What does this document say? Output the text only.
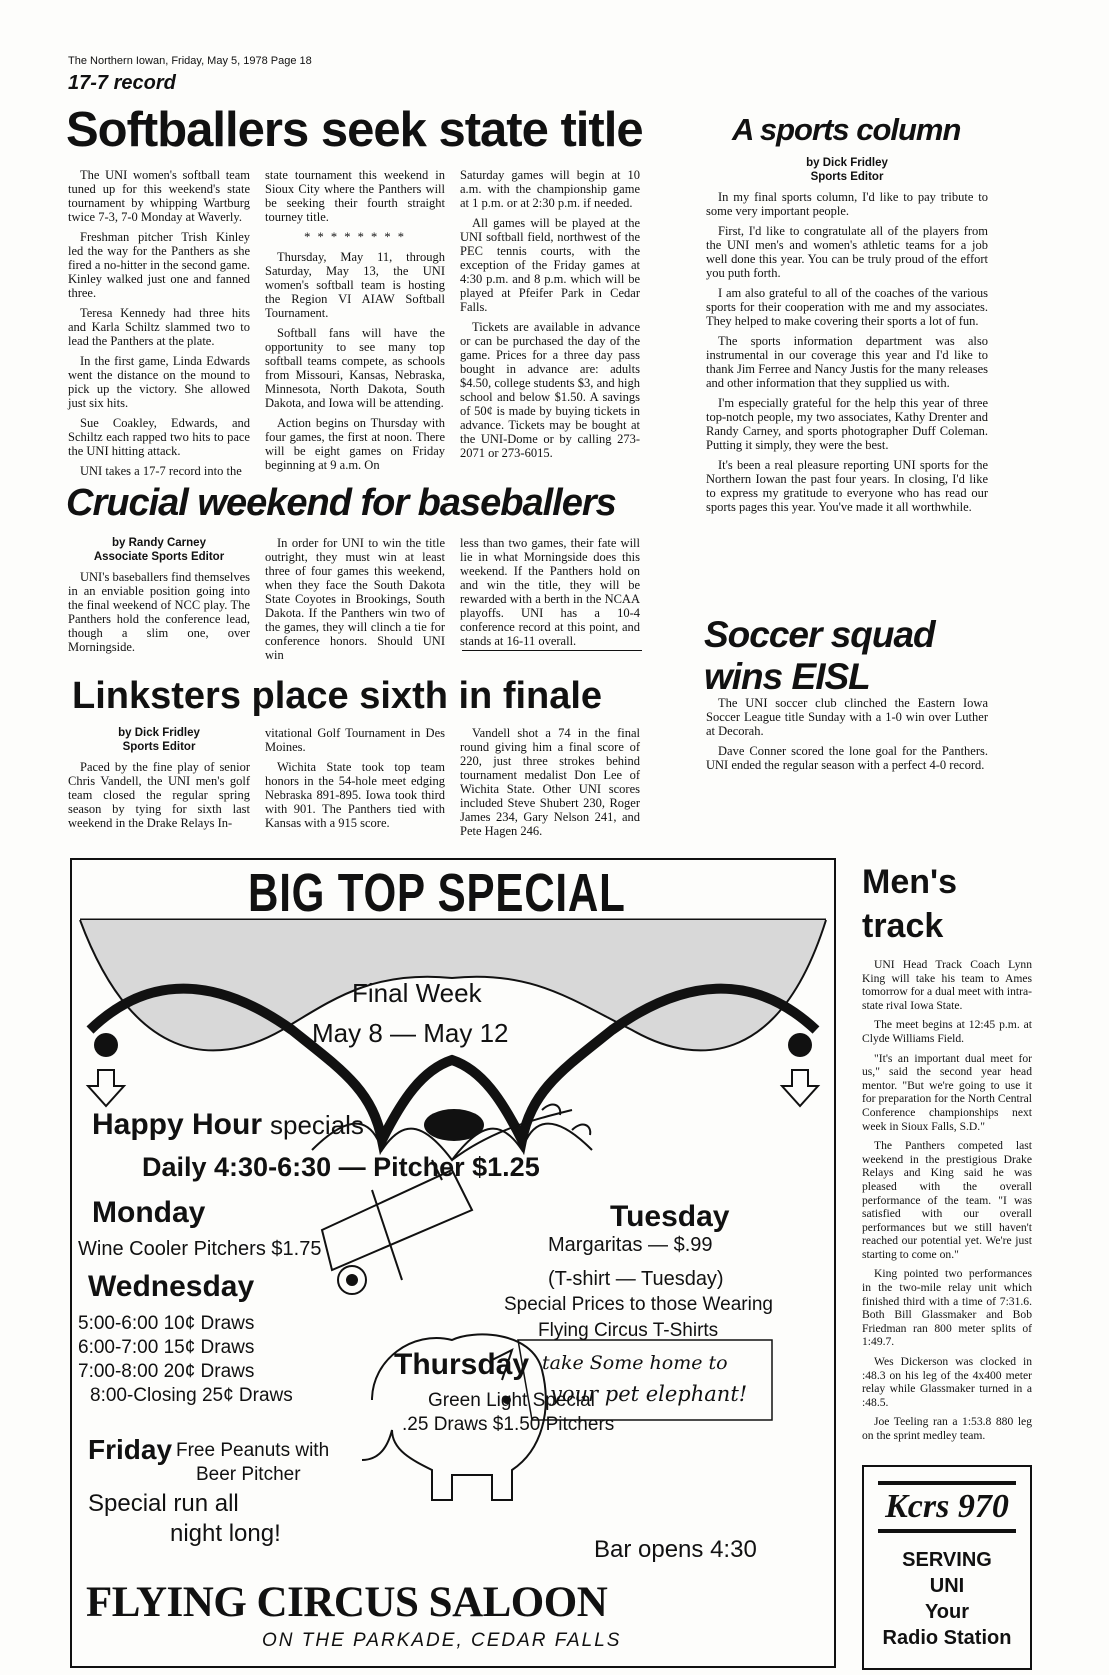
The Northern Iowan, Friday, May 5, 1978 Page 18
17-7 record
Softballers seek state title

The UNI women's softball team tuned up for this weekend's state tournament by whipping Wartburg twice 7-3, 7-0 Monday at Waverly.

Freshman pitcher Trish Kinley led the way for the Panthers as she fired a no-hitter in the second game. Kinley walked just one and fanned three.

Teresa Kennedy had three hits and Karla Schiltz slammed two to lead the Panthers at the plate.

In the first game, Linda Edwards went the distance on the mound to pick up the victory. She allowed just six hits.

Sue Coakley, Edwards, and Schiltz each rapped two hits to pace the UNI hitting attack.

UNI takes a 17-7 record into the

state tournament this weekend in Sioux City where the Panthers will be seeking their fourth straight tourney title.

* * * * * * * *

Thursday, May 11, through Saturday, May 13, the UNI women's softball team is hosting the Region VI AIAW Softball Tournament.

Softball fans will have the opportunity to see many top softball teams compete, as schools from Missouri, Kansas, Nebraska, Minnesota, North Dakota, South Dakota, and Iowa will be attending.

Action begins on Thursday with four games, the first at noon. There will be eight games on Friday beginning at 9 a.m. On

Saturday games will begin at 10 a.m. with the championship game at 1 p.m. or at 2:30 p.m. if needed.

All games will be played at the UNI softball field, northwest of the PEC tennis courts, with the exception of the Friday games at 4:30 p.m. and 8 p.m. which will be played at Pfeifer Park in Cedar Falls.

Tickets are available in advance or can be purchased the day of the game. Prices for a three day pass bought in advance are: adults $4.50, college students $3, and high school and below $1.50. A savings of 50¢ is made by buying tickets in advance. Tickets may be bought at the UNI-Dome or by calling 273-2071 or 273-6015.

Crucial weekend for baseballers
by Randy Carney
Associate Sports Editor

UNI's baseballers find themselves in an enviable position going into the final weekend of NCC play. The Panthers hold the conference lead, though a slim one, over Morningside.

In order for UNI to win the title outright, they must win at least three of four games this weekend, when they face the South Dakota State Coyotes in Brookings, South Dakota. If the Panthers win two of the games, they will clinch a tie for conference honors. Should UNI win

less than two games, their fate will lie in what Morningside does this weekend. If the Panthers hold on and win the title, they will be rewarded with a berth in the NCAA playoffs. UNI has a 10-4 conference record at this point, and stands at 16-11 overall.

Linksters place sixth in finale
by Dick Fridley
Sports Editor

Paced by the fine play of senior Chris Vandell, the UNI men's golf team closed the regular spring season by tying for sixth last weekend in the Drake Relays In-

vitational Golf Tournament in Des Moines.

Wichita State took top team honors in the 54-hole meet edging Nebraska 891-895. Iowa took third with 901. The Panthers tied with Kansas with a 915 score.

Vandell shot a 74 in the final round giving him a final score of 220, just three strokes behind tournament medalist Don Lee of Wichita State. Other UNI scores included Steve Shubert 230, Roger James 234, Gary Nelson 241, and Pete Hagen 246.

A sports column
by Dick Fridley
Sports Editor

In my final sports column, I'd like to pay tribute to some very important people.

First, I'd like to congratulate all of the players from the UNI men's and women's athletic teams for a job well done this year. You can be truly proud of the effort you puth forth.

I am also grateful to all of the coaches of the various sports for their cooperation with me and my associates. They helped to make covering their sports a lot of fun.

The sports information department was also instrumental in our coverage this year and I'd like to thank Jim Ferree and Nancy Justis for the many releases and other information that they supplied us with.

I'm especially grateful for the help this year of three top-notch people, my two associates, Kathy Drenter and Randy Carney, and sports photographer Duff Coleman. Putting it simply, they were the best.

It's been a real pleasure reporting UNI sports for the Northern Iowan the past four years. In closing, I'd like to express my gratitude to everyone who has read our sports pages this year. You've made it all worthwhile.

Soccer squad
wins EISL

The UNI soccer club clinched the Eastern Iowa Soccer League title Sunday with a 1-0 win over Luther at Decorah.

Dave Conner scored the lone goal for the Panthers. UNI ended the regular season with a perfect 4-0 record.

Men's
track

UNI Head Track Coach Lynn King will take his team to Ames tomorrow for a dual meet with intra-state rival Iowa State.

The meet begins at 12:45 p.m. at Clyde Williams Field.

"It's an important dual meet for us," said the second year head mentor. "But we're going to use it for preparation for the North Central Conference championships next week in Sioux Falls, S.D."

The Panthers competed last weekend in the prestigious Drake Relays and King said he was pleased with the overall performance of the team. "I was satisfied with our overall performances but we still haven't reached our potential yet. We're just starting to come on."

King pointed two performances in the two-mile relay unit which finished third with a time of 7:31.6. Both Bill Glassmaker and Bob Friedman ran 800 meter splits of 1:49.7.

Wes Dickerson was clocked in :48.3 on his leg of the 4x400 meter relay while Glassmaker turned in a :48.5.

Joe Teeling ran a 1:53.8 880 leg on the sprint medley team.

BIG TOP SPECIAL
Final Week
May 8 — May 12
Happy Hour specials
Daily 4:30-6:30 — Pitcher $1.25
Monday
Wine Cooler Pitchers $1.75
Tuesday
Margaritas — $.99
(T-shirt — Tuesday)
Special Prices to those Wearing
Flying Circus T-Shirts
Wednesday
5:00-6:00 10¢ Draws
6:00-7:00 15¢ Draws
7:00-8:00 20¢ Draws
8:00-Closing 25¢ Draws
Thursday
Green Light Special
.25 Draws $1.50 Pitchers
Friday Free Peanuts with
Beer Pitcher
Special run all
night long!
take Some home to
your pet elephant!
Bar opens 4:30
FLYING CIRCUS SALOON
ON THE PARKADE, CEDAR FALLS
Kcrs 970
SERVING
UNI
Your
Radio Station
